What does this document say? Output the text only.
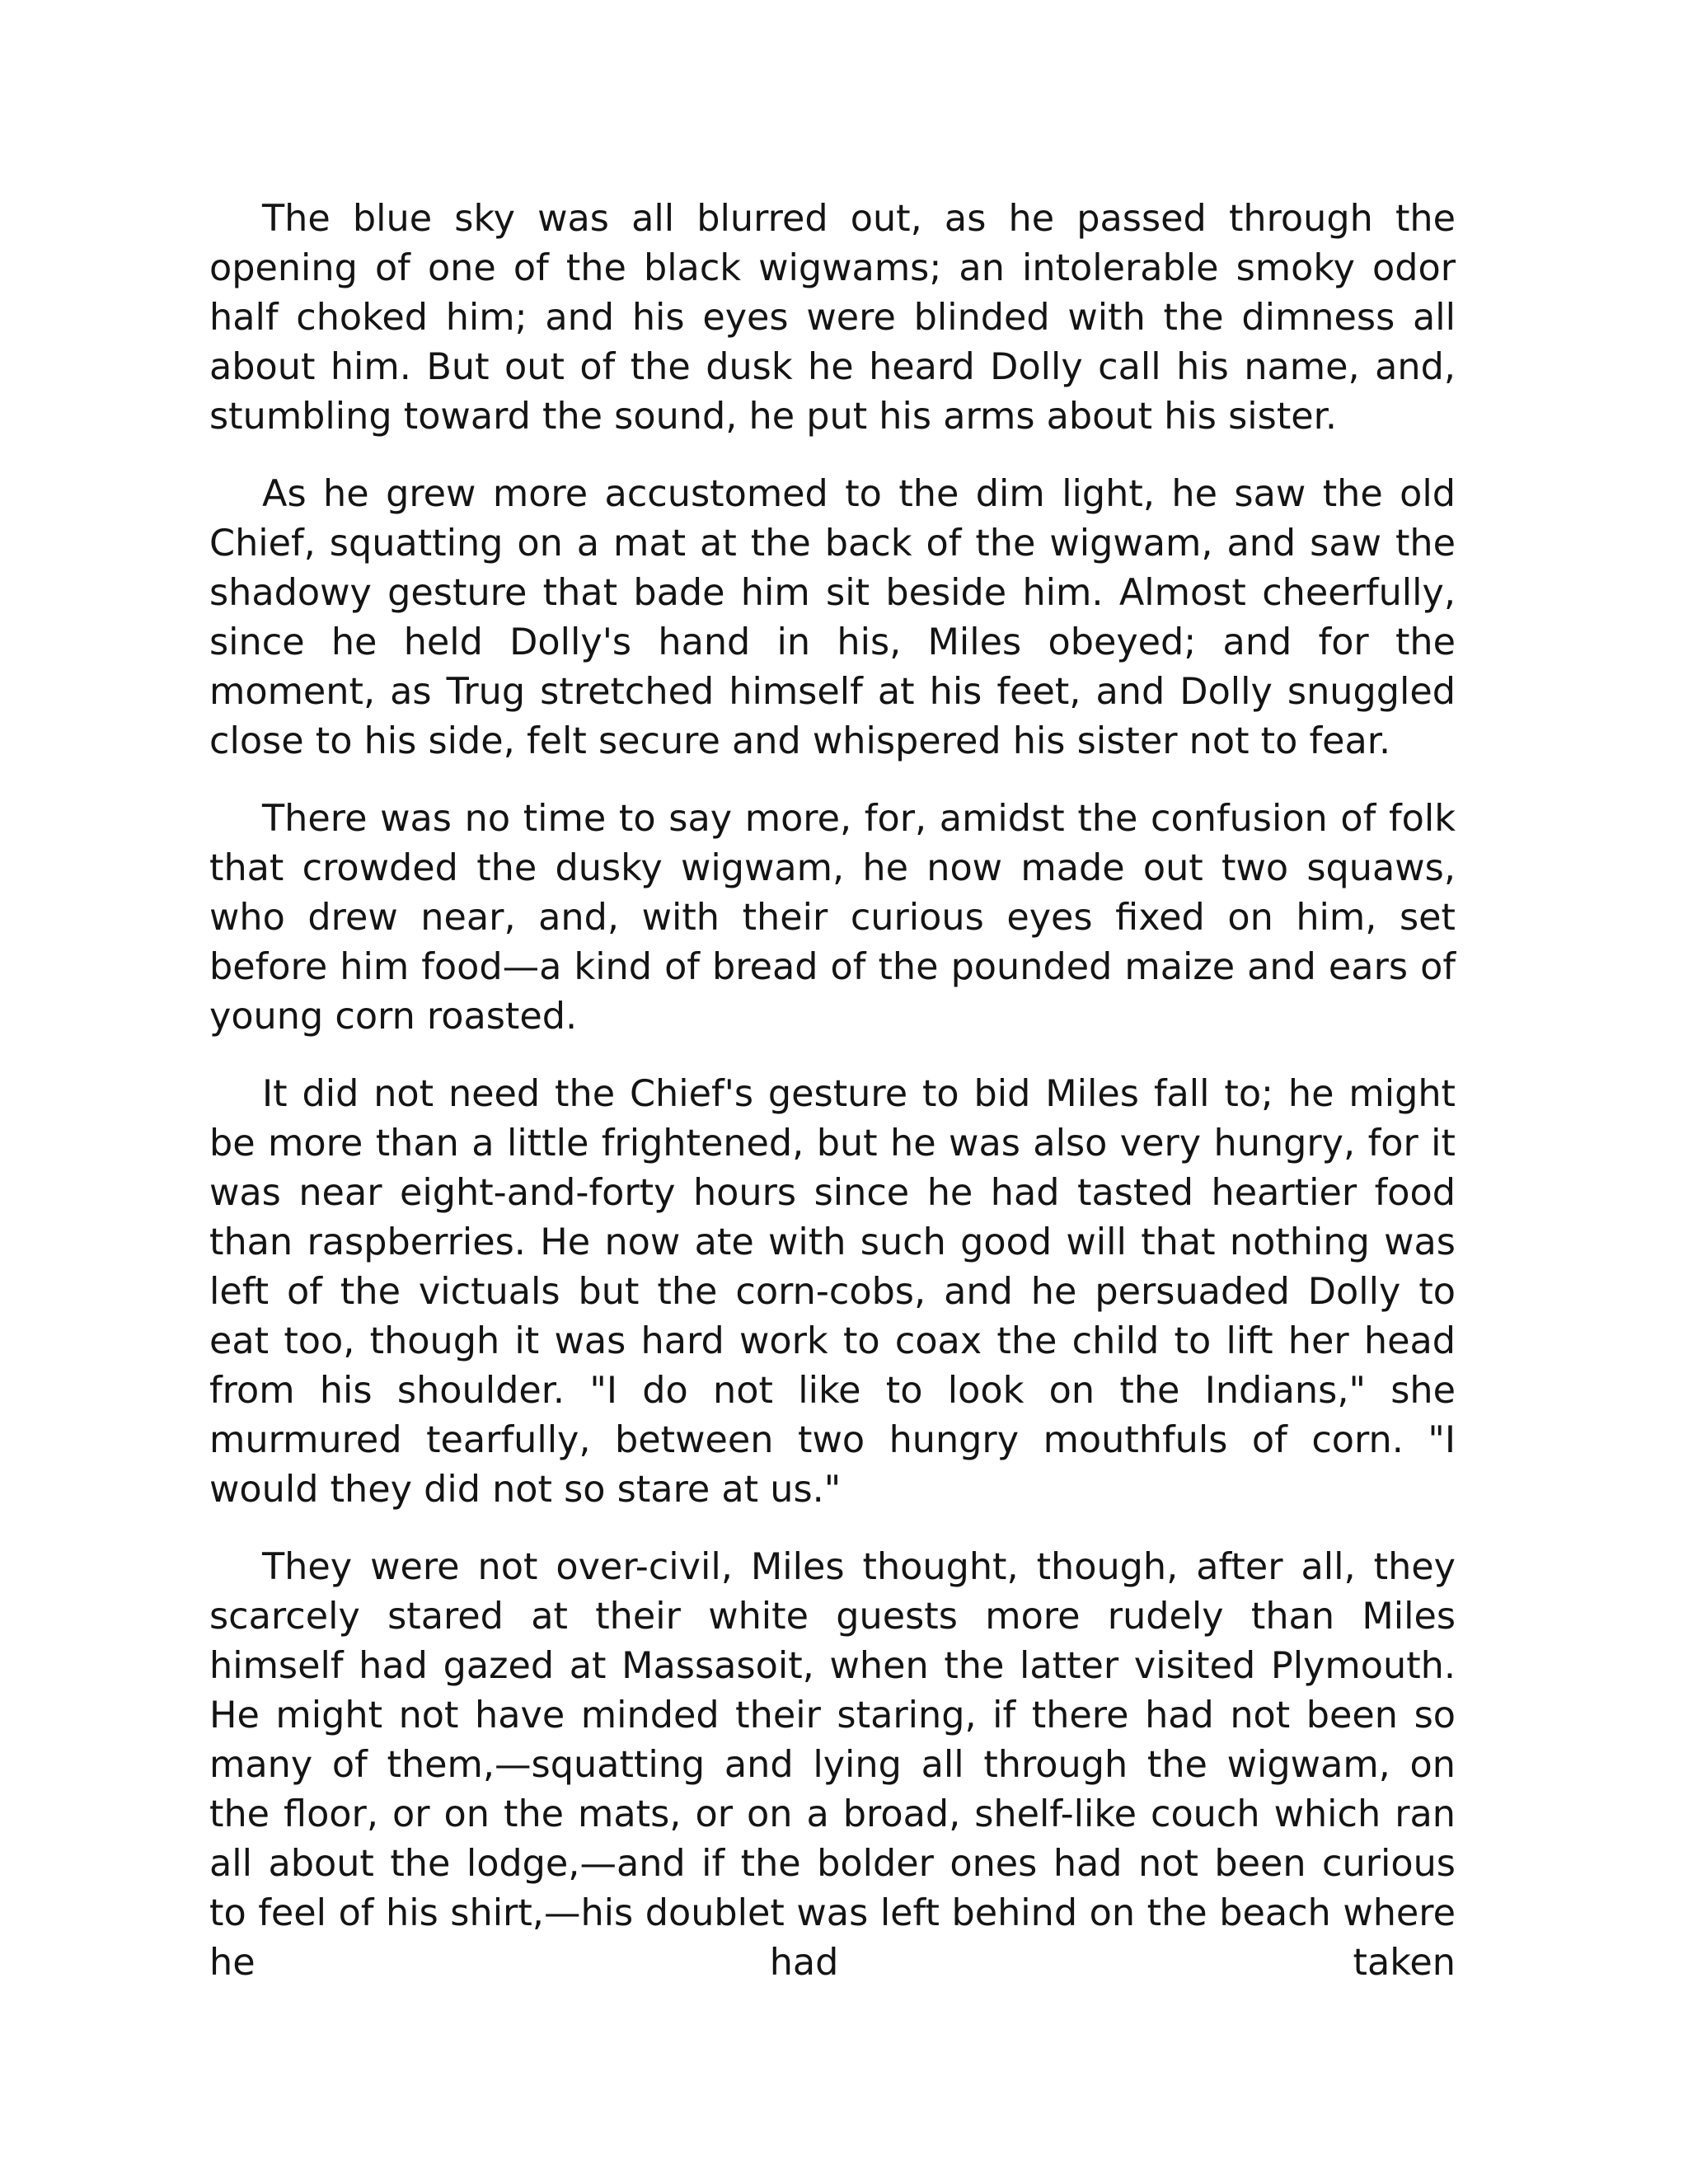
The blue sky was all blurred out, as he passed through the opening of one of the black wigwams; an intolerable smoky odor half choked him; and his eyes were blinded with the dimness all about him. But out of the dusk he heard Dolly call his name, and, stumbling toward the sound, he put his arms about his sister.

As he grew more accustomed to the dim light, he saw the old Chief, squatting on a mat at the back of the wigwam, and saw the shadowy gesture that bade him sit beside him. Almost cheerfully, since he held Dolly's hand in his, Miles obeyed; and for the moment, as Trug stretched himself at his feet, and Dolly snuggled close to his side, felt secure and whispered his sister not to fear.

There was no time to say more, for, amidst the confusion of folk that crowded the dusky wigwam, he now made out two squaws, who drew near, and, with their curious eyes fixed on him, set before him food—a kind of bread of the pounded maize and ears of young corn roasted.

It did not need the Chief's gesture to bid Miles fall to; he might be more than a little frightened, but he was also very hungry, for it was near eight-and-forty hours since he had tasted heartier food than raspberries. He now ate with such good will that nothing was left of the victuals but the corn-cobs, and he persuaded Dolly to eat too, though it was hard work to coax the child to lift her head from his shoulder. "I do not like to look on the Indians," she murmured tearfully, between two hungry mouthfuls of corn. "I would they did not so stare at us."

They were not over-civil, Miles thought, though, after all, they scarcely stared at their white guests more rudely than Miles himself had gazed at Massasoit, when the latter visited Plymouth. He might not have minded their staring, if there had not been so many of them,—squatting and lying all through the wigwam, on the floor, or on the mats, or on a broad, shelf-like couch which ran all about the lodge,—and if the bolder ones had not been curious to feel of his shirt,—his doublet was left behind on the beach where he had taken
